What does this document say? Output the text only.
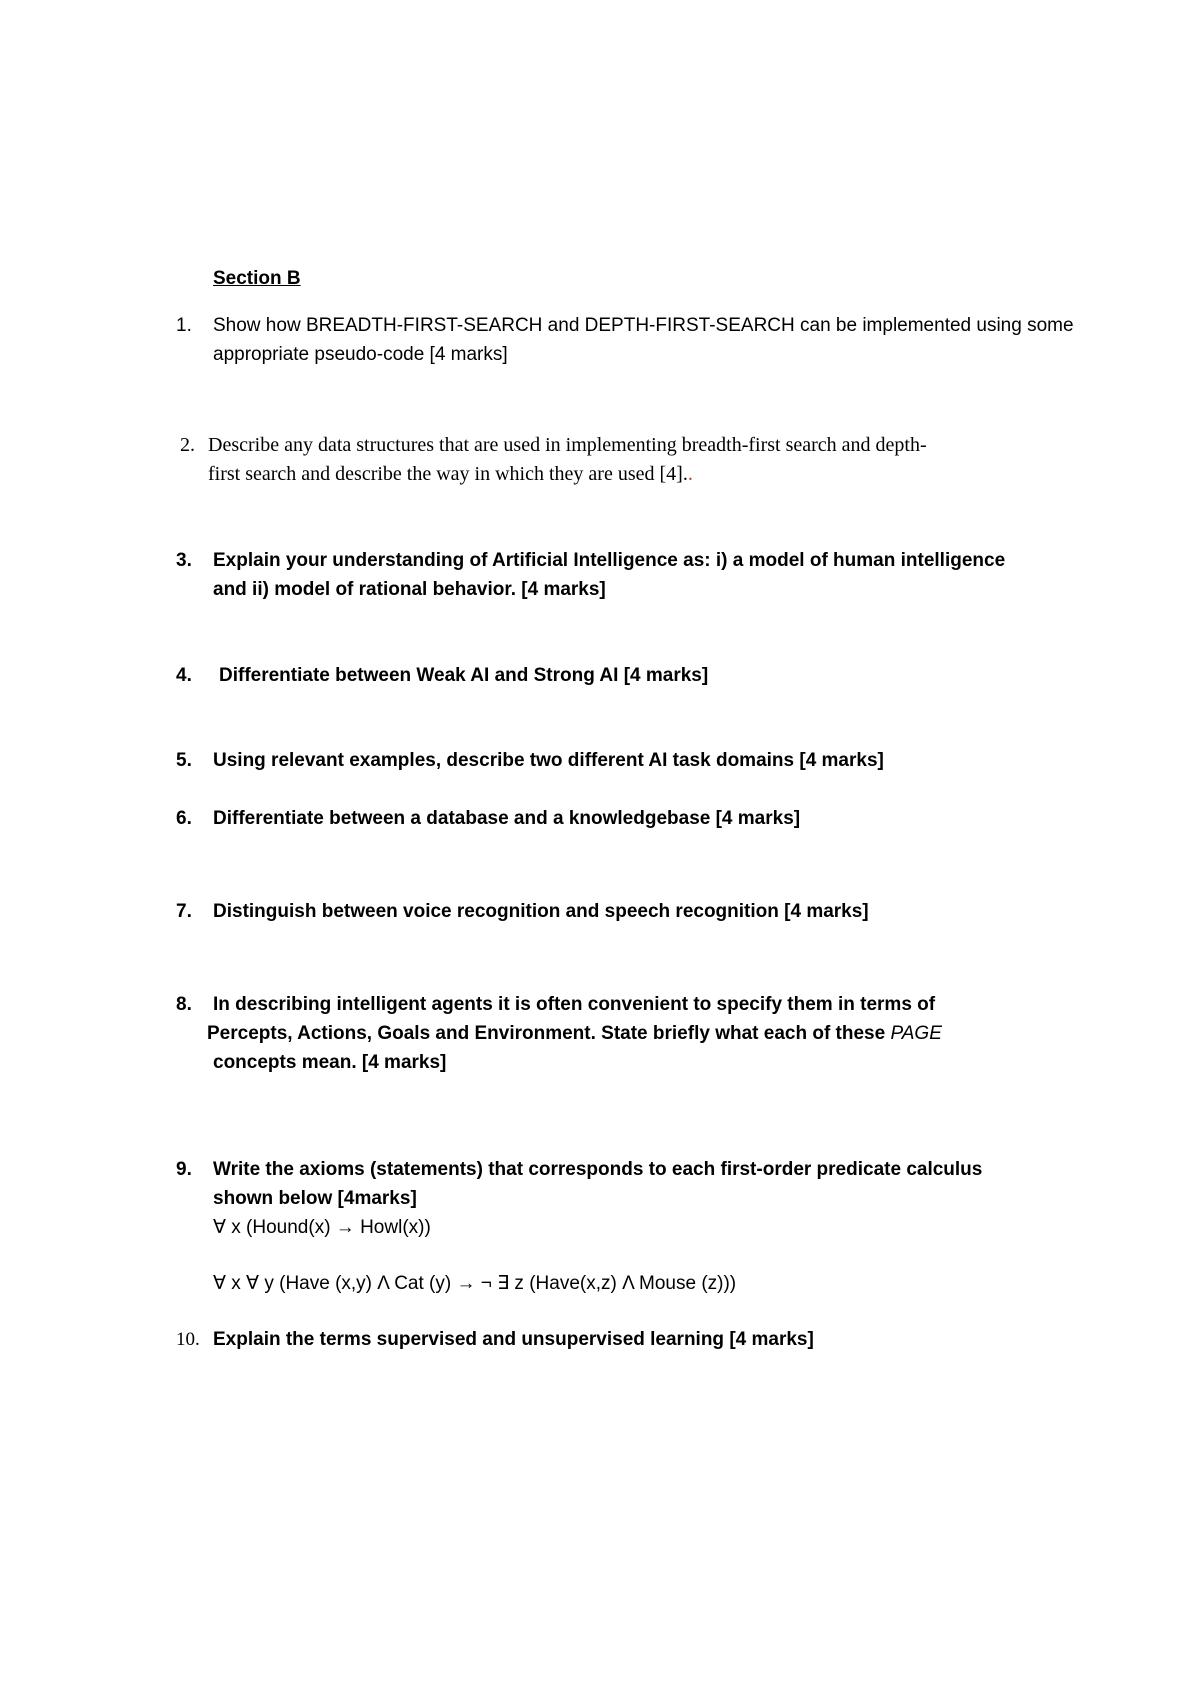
Section B
1.	Show how BREADTH-FIRST-SEARCH and DEPTH-FIRST-SEARCH can be implemented using some
appropriate pseudo-code [4 marks]
2. Describe any data structures that are used in implementing breadth-first search and depth-
first search and describe the way in which they are used [4]..
3.	Explain your understanding of Artificial Intelligence as: i) a model of human intelligence
and ii) model of rational behavior. [4 marks]
4.	Differentiate between Weak AI and Strong AI [4 marks]
5.	Using relevant examples, describe two different AI task domains [4 marks]
6.	Differentiate between a database and a knowledgebase [4 marks]
7.	Distinguish between voice recognition and speech recognition [4 marks]
8.	In describing intelligent agents it is often convenient to specify them in terms of
Percepts, Actions, Goals and Environment. State briefly what each of these PAGE
concepts mean. [4 marks]
9.	Write the axioms (statements) that corresponds to each first-order predicate calculus
shown below [4marks]
∀ x (Hound(x) → Howl(x))
∀ x ∀ y (Have (x,y) Λ Cat (y) → ¬ ∃ z (Have(x,z) Λ Mouse (z)))
10. Explain the terms supervised and unsupervised learning [4 marks]
